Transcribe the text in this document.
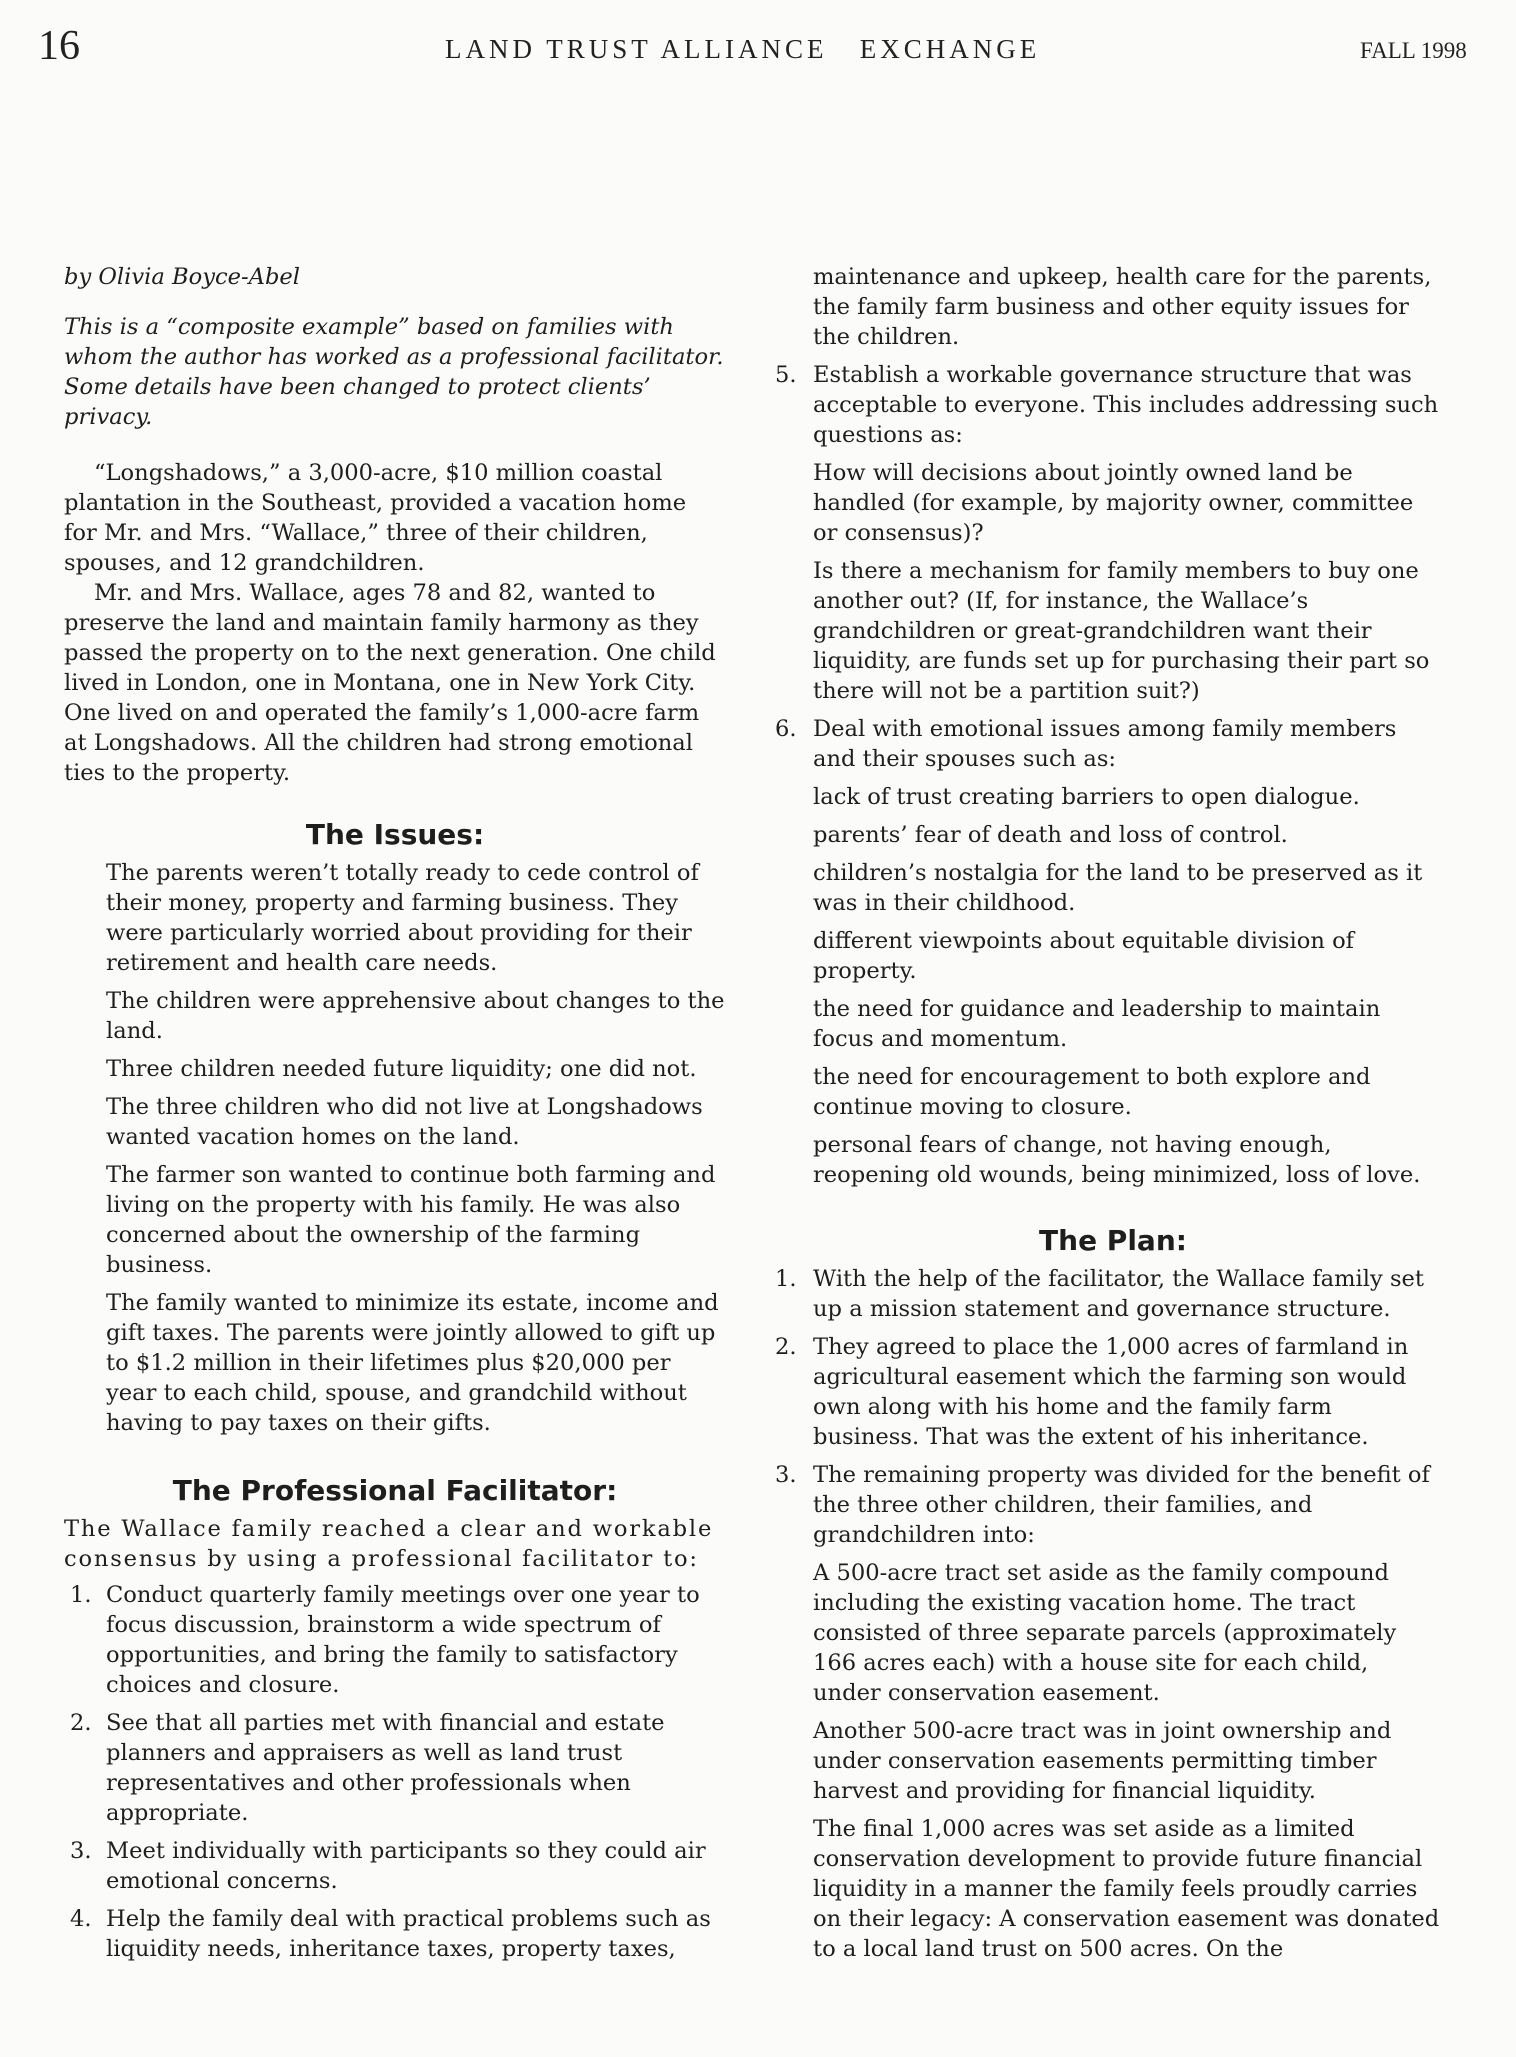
16	LAND TRUST ALLIANCE   EXCHANGE	FALL 1998

by Olivia Boyce-Abel

This is a “composite example” based on families with whom the author has worked as a professional facilitator. Some details have been changed to protect clients’ privacy.

“Longshadows,” a 3,000-acre, $10 million coastal plantation in the Southeast, provided a vacation home for Mr. and Mrs. “Wallace,” three of their children, spouses, and 12 grandchildren.

Mr. and Mrs. Wallace, ages 78 and 82, wanted to preserve the land and maintain family harmony as they passed the property on to the next generation. One child lived in London, one in Montana, one in New York City. One lived on and operated the family’s 1,000-acre farm at Longshadows. All the children had strong emotional ties to the property.

The Issues:

The parents weren’t totally ready to cede control of their money, property and farming business. They were particularly worried about providing for their retirement and health care needs.

The children were apprehensive about changes to the land.

Three children needed future liquidity; one did not.

The three children who did not live at Longshadows wanted vacation homes on the land.

The farmer son wanted to continue both farming and living on the property with his family. He was also concerned about the ownership of the farming business.

The family wanted to minimize its estate, income and gift taxes. The parents were jointly allowed to gift up to $1.2 million in their lifetimes plus $20,000 per year to each child, spouse, and grandchild without having to pay taxes on their gifts.

The Professional Facilitator:

The Wallace family reached a clear and workable consensus by using a professional facilitator to:

1. Conduct quarterly family meetings over one year to focus discussion, brainstorm a wide spectrum of opportunities, and bring the family to satisfactory choices and closure.
2. See that all parties met with financial and estate planners and appraisers as well as land trust representatives and other professionals when appropriate.
3. Meet individually with participants so they could air emotional concerns.
4. Help the family deal with practical problems such as liquidity needs, inheritance taxes, property taxes,

maintenance and upkeep, health care for the parents, the family farm business and other equity issues for the children.

5. Establish a workable governance structure that was acceptable to everyone. This includes addressing such questions as:

How will decisions about jointly owned land be handled (for example, by majority owner, committee or consensus)?

Is there a mechanism for family members to buy one another out? (If, for instance, the Wallace’s grandchildren or great-grandchildren want their liquidity, are funds set up for purchasing their part so there will not be a partition suit?)

6. Deal with emotional issues among family members and their spouses such as:

lack of trust creating barriers to open dialogue.

parents’ fear of death and loss of control.

children’s nostalgia for the land to be preserved as it was in their childhood.

different viewpoints about equitable division of property.

the need for guidance and leadership to maintain focus and momentum.

the need for encouragement to both explore and continue moving to closure.

personal fears of change, not having enough, reopening old wounds, being minimized, loss of love.

The Plan:
1. With the help of the facilitator, the Wallace family set up a mission statement and governance structure.
2. They agreed to place the 1,000 acres of farmland in agricultural easement which the farming son would own along with his home and the family farm business. That was the extent of his inheritance.
3. The remaining property was divided for the benefit of the three other children, their families, and grandchildren into:

A 500-acre tract set aside as the family compound including the existing vacation home. The tract consisted of three separate parcels (approximately 166 acres each) with a house site for each child, under conservation easement.

Another 500-acre tract was in joint ownership and under conservation easements permitting timber harvest and providing for financial liquidity.

The final 1,000 acres was set aside as a limited conservation development to provide future financial liquidity in a manner the family feels proudly carries on their legacy: A conservation easement was donated to a local land trust on 500 acres. On the
